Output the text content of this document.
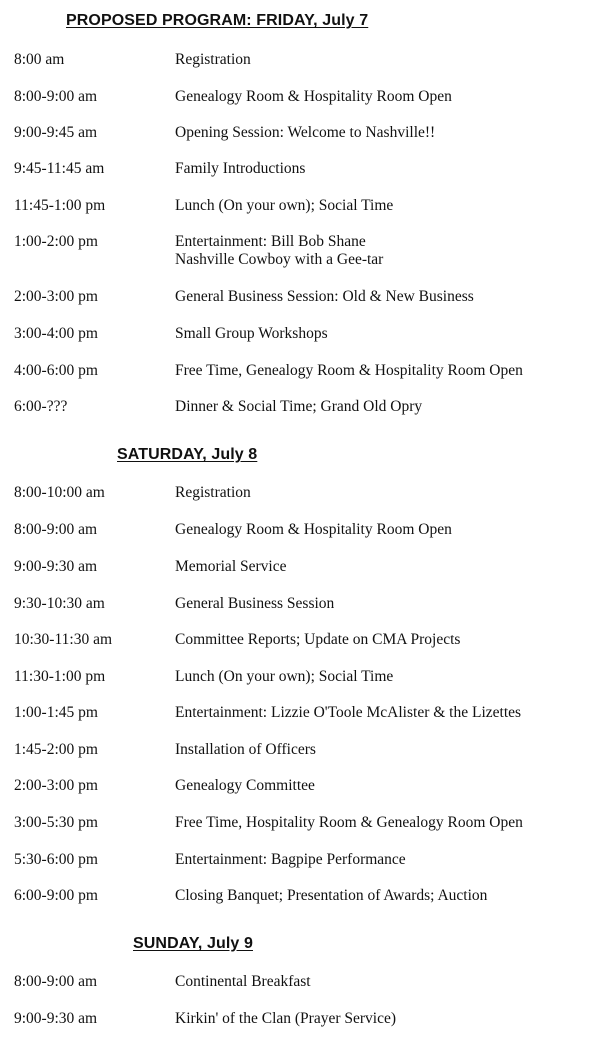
PROPOSED PROGRAM: FRIDAY, July 7
8:00 am	Registration
8:00-9:00 am	Genealogy Room & Hospitality Room Open
9:00-9:45 am	Opening Session: Welcome to Nashville!!
9:45-11:45 am	Family Introductions
11:45-1:00 pm	Lunch (On your own); Social Time
1:00-2:00 pm	Entertainment: Bill Bob Shane
Nashville Cowboy with a Gee-tar
2:00-3:00 pm	General Business Session: Old & New Business
3:00-4:00 pm	Small Group Workshops
4:00-6:00 pm	Free Time, Genealogy Room & Hospitality Room Open
6:00-???	Dinner & Social Time; Grand Old Opry
SATURDAY, July 8
8:00-10:00 am	Registration
8:00-9:00 am	Genealogy Room & Hospitality Room Open
9:00-9:30 am	Memorial Service
9:30-10:30 am	General Business Session
10:30-11:30 am	Committee Reports; Update on CMA Projects
11:30-1:00 pm	Lunch (On your own); Social Time
1:00-1:45 pm	Entertainment: Lizzie O'Toole McAlister & the Lizettes
1:45-2:00 pm	Installation of Officers
2:00-3:00 pm	Genealogy Committee
3:00-5:30 pm	Free Time, Hospitality Room & Genealogy Room Open
5:30-6:00 pm	Entertainment: Bagpipe Performance
6:00-9:00 pm	Closing Banquet; Presentation of Awards; Auction
SUNDAY, July 9
8:00-9:00 am	Continental Breakfast
9:00-9:30 am	Kirkin' of the Clan (Prayer Service)
